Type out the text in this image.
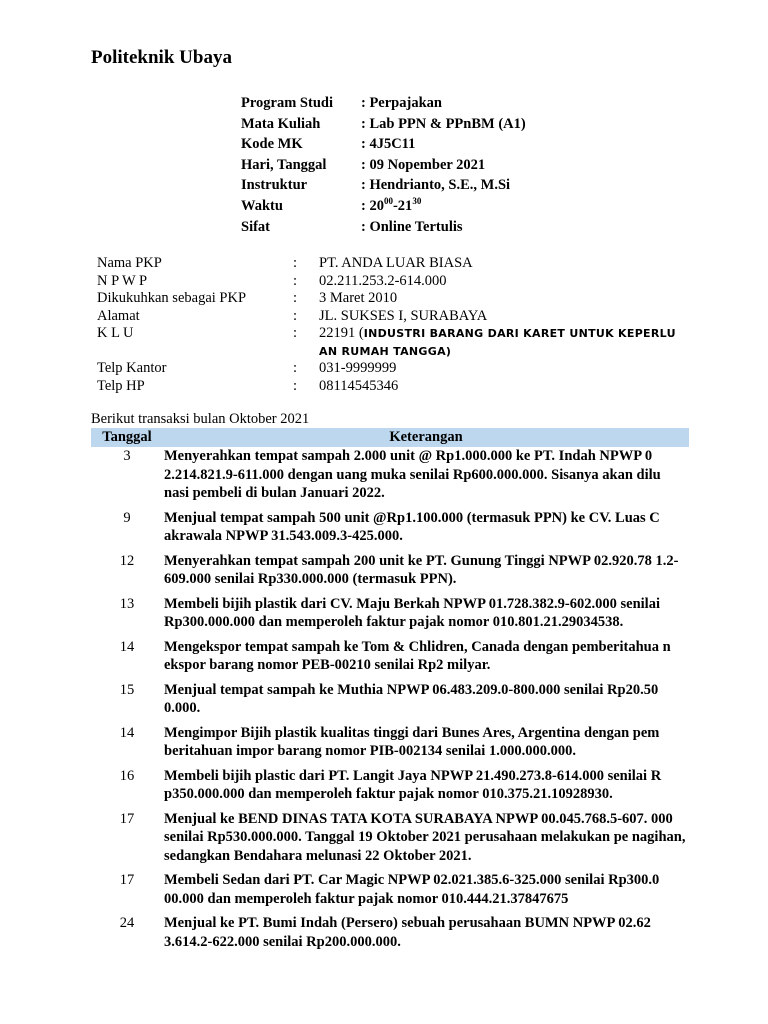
Politeknik Ubaya
Program Studi	: Perpajakan
Mata Kuliah	: Lab PPN & PPnBM (A1)
Kode MK	: 4J5C11
Hari, Tanggal	: 09 Nopember 2021
Instruktur	: Hendrianto, S.E., M.Si
Waktu	: $20^{00}-21^{30}$
Sifat	: Online Tertulis
Nama PKP	:	PT. ANDA LUAR BIASA
N P W P	:	02.211.253.2-614.000
Dikukuhkan sebagai PKP	:	3 Maret 2010
Alamat	:	JL. SUKSES I, SURABAYA
K L U	:	22191 (INDUSTRI BARANG DARI KARET UNTUK KEPERLU AN RUMAH TANGGA)
Telp Kantor	:	031-9999999
Telp HP	:	08114545346
Berikut transaksi bulan Oktober 2021
Tanggal	Keterangan
3	Menyerahkan tempat sampah 2.000 unit @ Rp1.000.000 ke PT. Indah NPWP 0 2.214.821.9-611.000 dengan uang muka senilai Rp600.000.000. Sisanya akan dilu nasi pembeli di bulan Januari 2022.
9	Menjual tempat sampah 500 unit @Rp1.100.000 (termasuk PPN) ke CV. Luas C akrawala NPWP 31.543.009.3-425.000.
12	Menyerahkan tempat sampah 200 unit ke PT. Gunung Tinggi NPWP 02.920.78 1.2-609.000 senilai Rp330.000.000 (termasuk PPN).
13	Membeli bijih plastik dari CV. Maju Berkah NPWP 01.728.382.9-602.000 senilai Rp300.000.000 dan memperoleh faktur pajak nomor 010.801.21.29034538.
14	Mengekspor tempat sampah ke Tom & Chlidren, Canada dengan pemberitahua n ekspor barang nomor PEB-00210 senilai Rp2 milyar.
15	Menjual tempat sampah ke Muthia NPWP 06.483.209.0-800.000 senilai Rp20.50 0.000.
14	Mengimpor Bijih plastik kualitas tinggi dari Bunes Ares, Argentina dengan pem beritahuan impor barang nomor PIB-002134 senilai 1.000.000.000.
16	Membeli bijih plastic dari PT. Langit Jaya NPWP 21.490.273.8-614.000 senilai R p350.000.000 dan memperoleh faktur pajak nomor 010.375.21.10928930.
17	Menjual ke BEND DINAS TATA KOTA SURABAYA NPWP 00.045.768.5-607. 000 senilai Rp530.000.000. Tanggal 19 Oktober 2021 perusahaan melakukan pe nagihan, sedangkan Bendahara melunasi 22 Oktober 2021.
17	Membeli Sedan dari PT. Car Magic NPWP 02.021.385.6-325.000 senilai Rp300.0 00.000 dan memperoleh faktur pajak nomor 010.444.21.37847675
24	Menjual ke PT. Bumi Indah (Persero) sebuah perusahaan BUMN NPWP 02.62 3.614.2-622.000 senilai Rp200.000.000.
